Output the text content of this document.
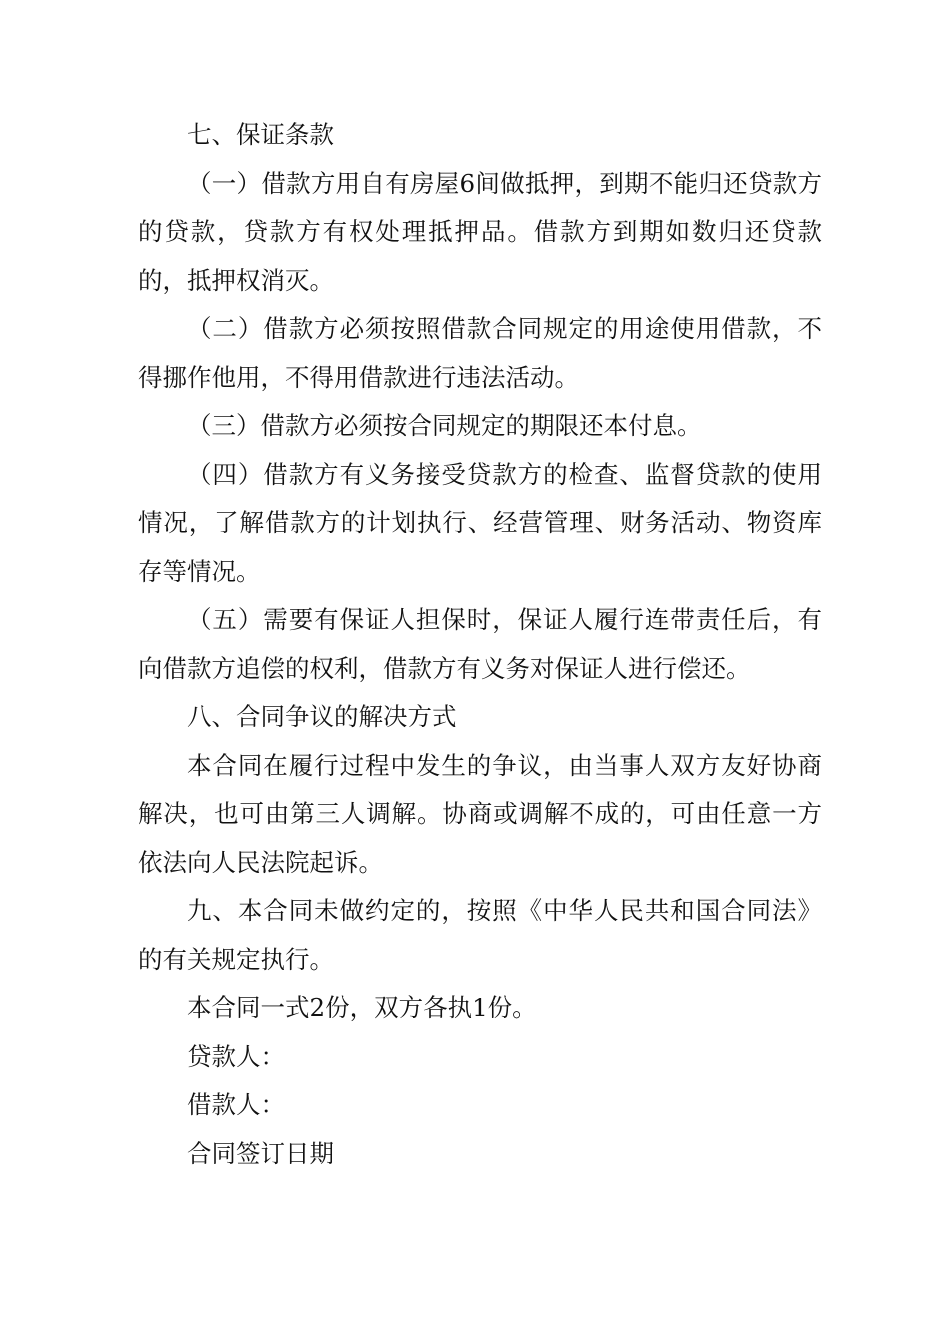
七、保证条款

（一）借款方用自有房屋6间做抵押，到期不能归还贷款方的贷款，贷款方有权处理抵押品。借款方到期如数归还贷款的，抵押权消灭。

（二）借款方必须按照借款合同规定的用途使用借款，不得挪作他用，不得用借款进行违法活动。

（三）借款方必须按合同规定的期限还本付息。

（四）借款方有义务接受贷款方的检查、监督贷款的使用情况，了解借款方的计划执行、经营管理、财务活动、物资库存等情况。

（五）需要有保证人担保时，保证人履行连带责任后，有向借款方追偿的权利，借款方有义务对保证人进行偿还。

八、合同争议的解决方式

本合同在履行过程中发生的争议，由当事人双方友好协商解决，也可由第三人调解。协商或调解不成的，可由任意一方依法向人民法院起诉。

九、本合同未做约定的，按照《中华人民共和国合同法》的有关规定执行。

本合同一式2份，双方各执1份。

贷款人：

借款人：

合同签订日期
